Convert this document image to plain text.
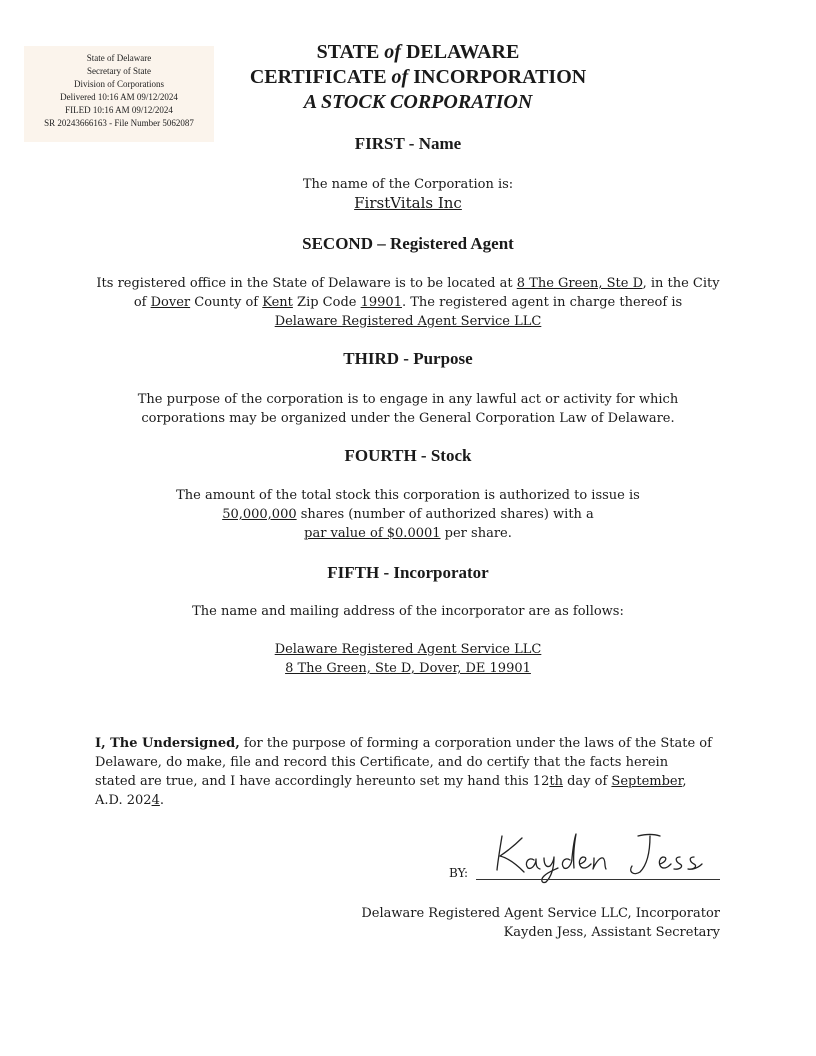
State of Delaware
Secretary of State
Division of Corporations
Delivered 10:16 AM 09/12/2024
FILED 10:16 AM 09/12/2024
SR 20243666163 - File Number 5062087
STATE of DELAWARE
CERTIFICATE of INCORPORATION
A STOCK CORPORATION
FIRST - Name
The name of the Corporation is:
FirstVitals Inc
SECOND – Registered Agent
Its registered office in the State of Delaware is to be located at 8 The Green, Ste D, in the City
of Dover County of Kent Zip Code 19901. The registered agent in charge thereof is
Delaware Registered Agent Service LLC
THIRD - Purpose
The purpose of the corporation is to engage in any lawful act or activity for which
corporations may be organized under the General Corporation Law of Delaware.
FOURTH - Stock
The amount of the total stock this corporation is authorized to issue is
50,000,000 shares (number of authorized shares) with a
par value of $0.0001 per share.
FIFTH - Incorporator
The name and mailing address of the incorporator are as follows:
Delaware Registered Agent Service LLC
8 The Green, Ste D, Dover, DE 19901
I, The Undersigned, for the purpose of forming a corporation under the laws of the State of
Delaware, do make, file and record this Certificate, and do certify that the facts herein
stated are true, and I have accordingly hereunto set my hand this 12th day of September,
A.D. 2024.
BY:
Delaware Registered Agent Service LLC, Incorporator
Kayden Jess, Assistant Secretary
